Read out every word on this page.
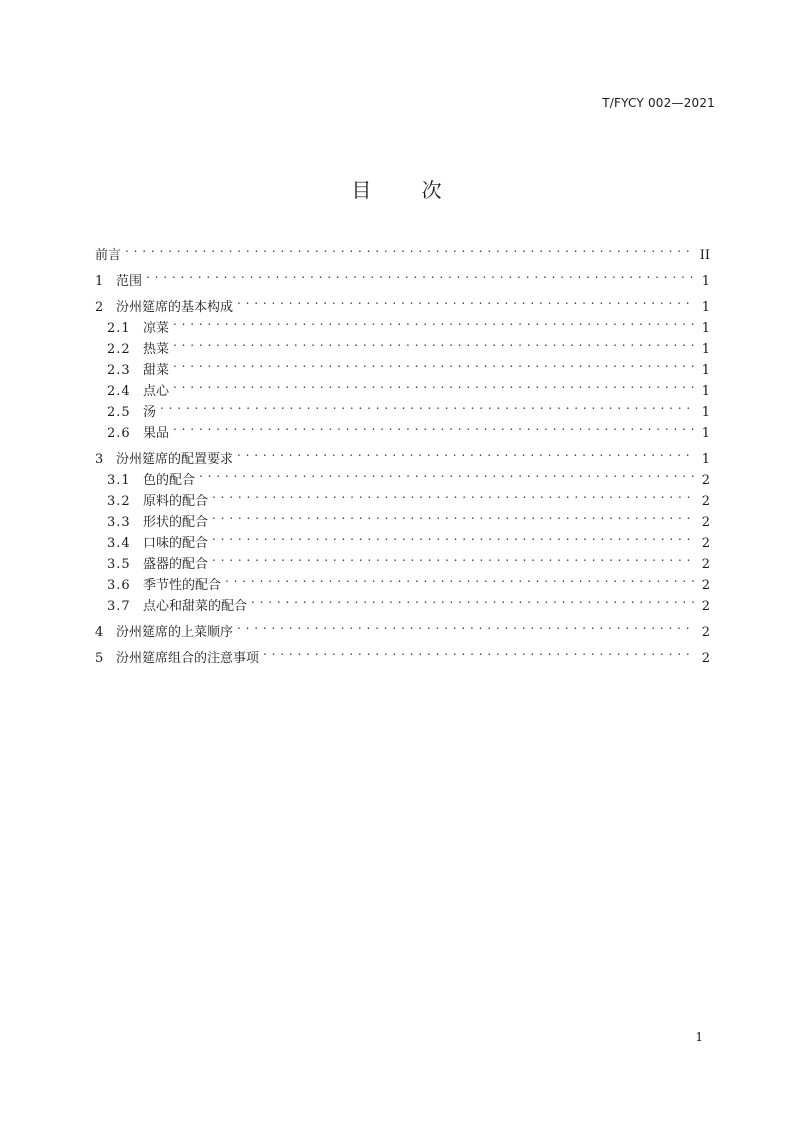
T/FYCY 002—2021
目 次
前言 . . .	II
1 范围 . . .	1
2 汾州筵席的基本构成 . . .	1
2.1 凉菜 . . .	1
2.2 热菜 . . .	1
2.3 甜菜 . . .	1
2.4 点心 . . .	1
2.5 汤 . . .	1
2.6 果品 . . .	1
3 汾州筵席的配置要求 . . .	1
3.1 色的配合 . . .	2
3.2 原料的配合 . . .	2
3.3 形状的配合 . . .	2
3.4 口味的配合 . . .	2
3.5 盛器的配合 . . .	2
3.6 季节性的配合 . . .	2
3.7 点心和甜菜的配合 . . .	2
4 汾州筵席的上菜顺序 . . .	2
5 汾州筵席组合的注意事项 . . .	2
1
